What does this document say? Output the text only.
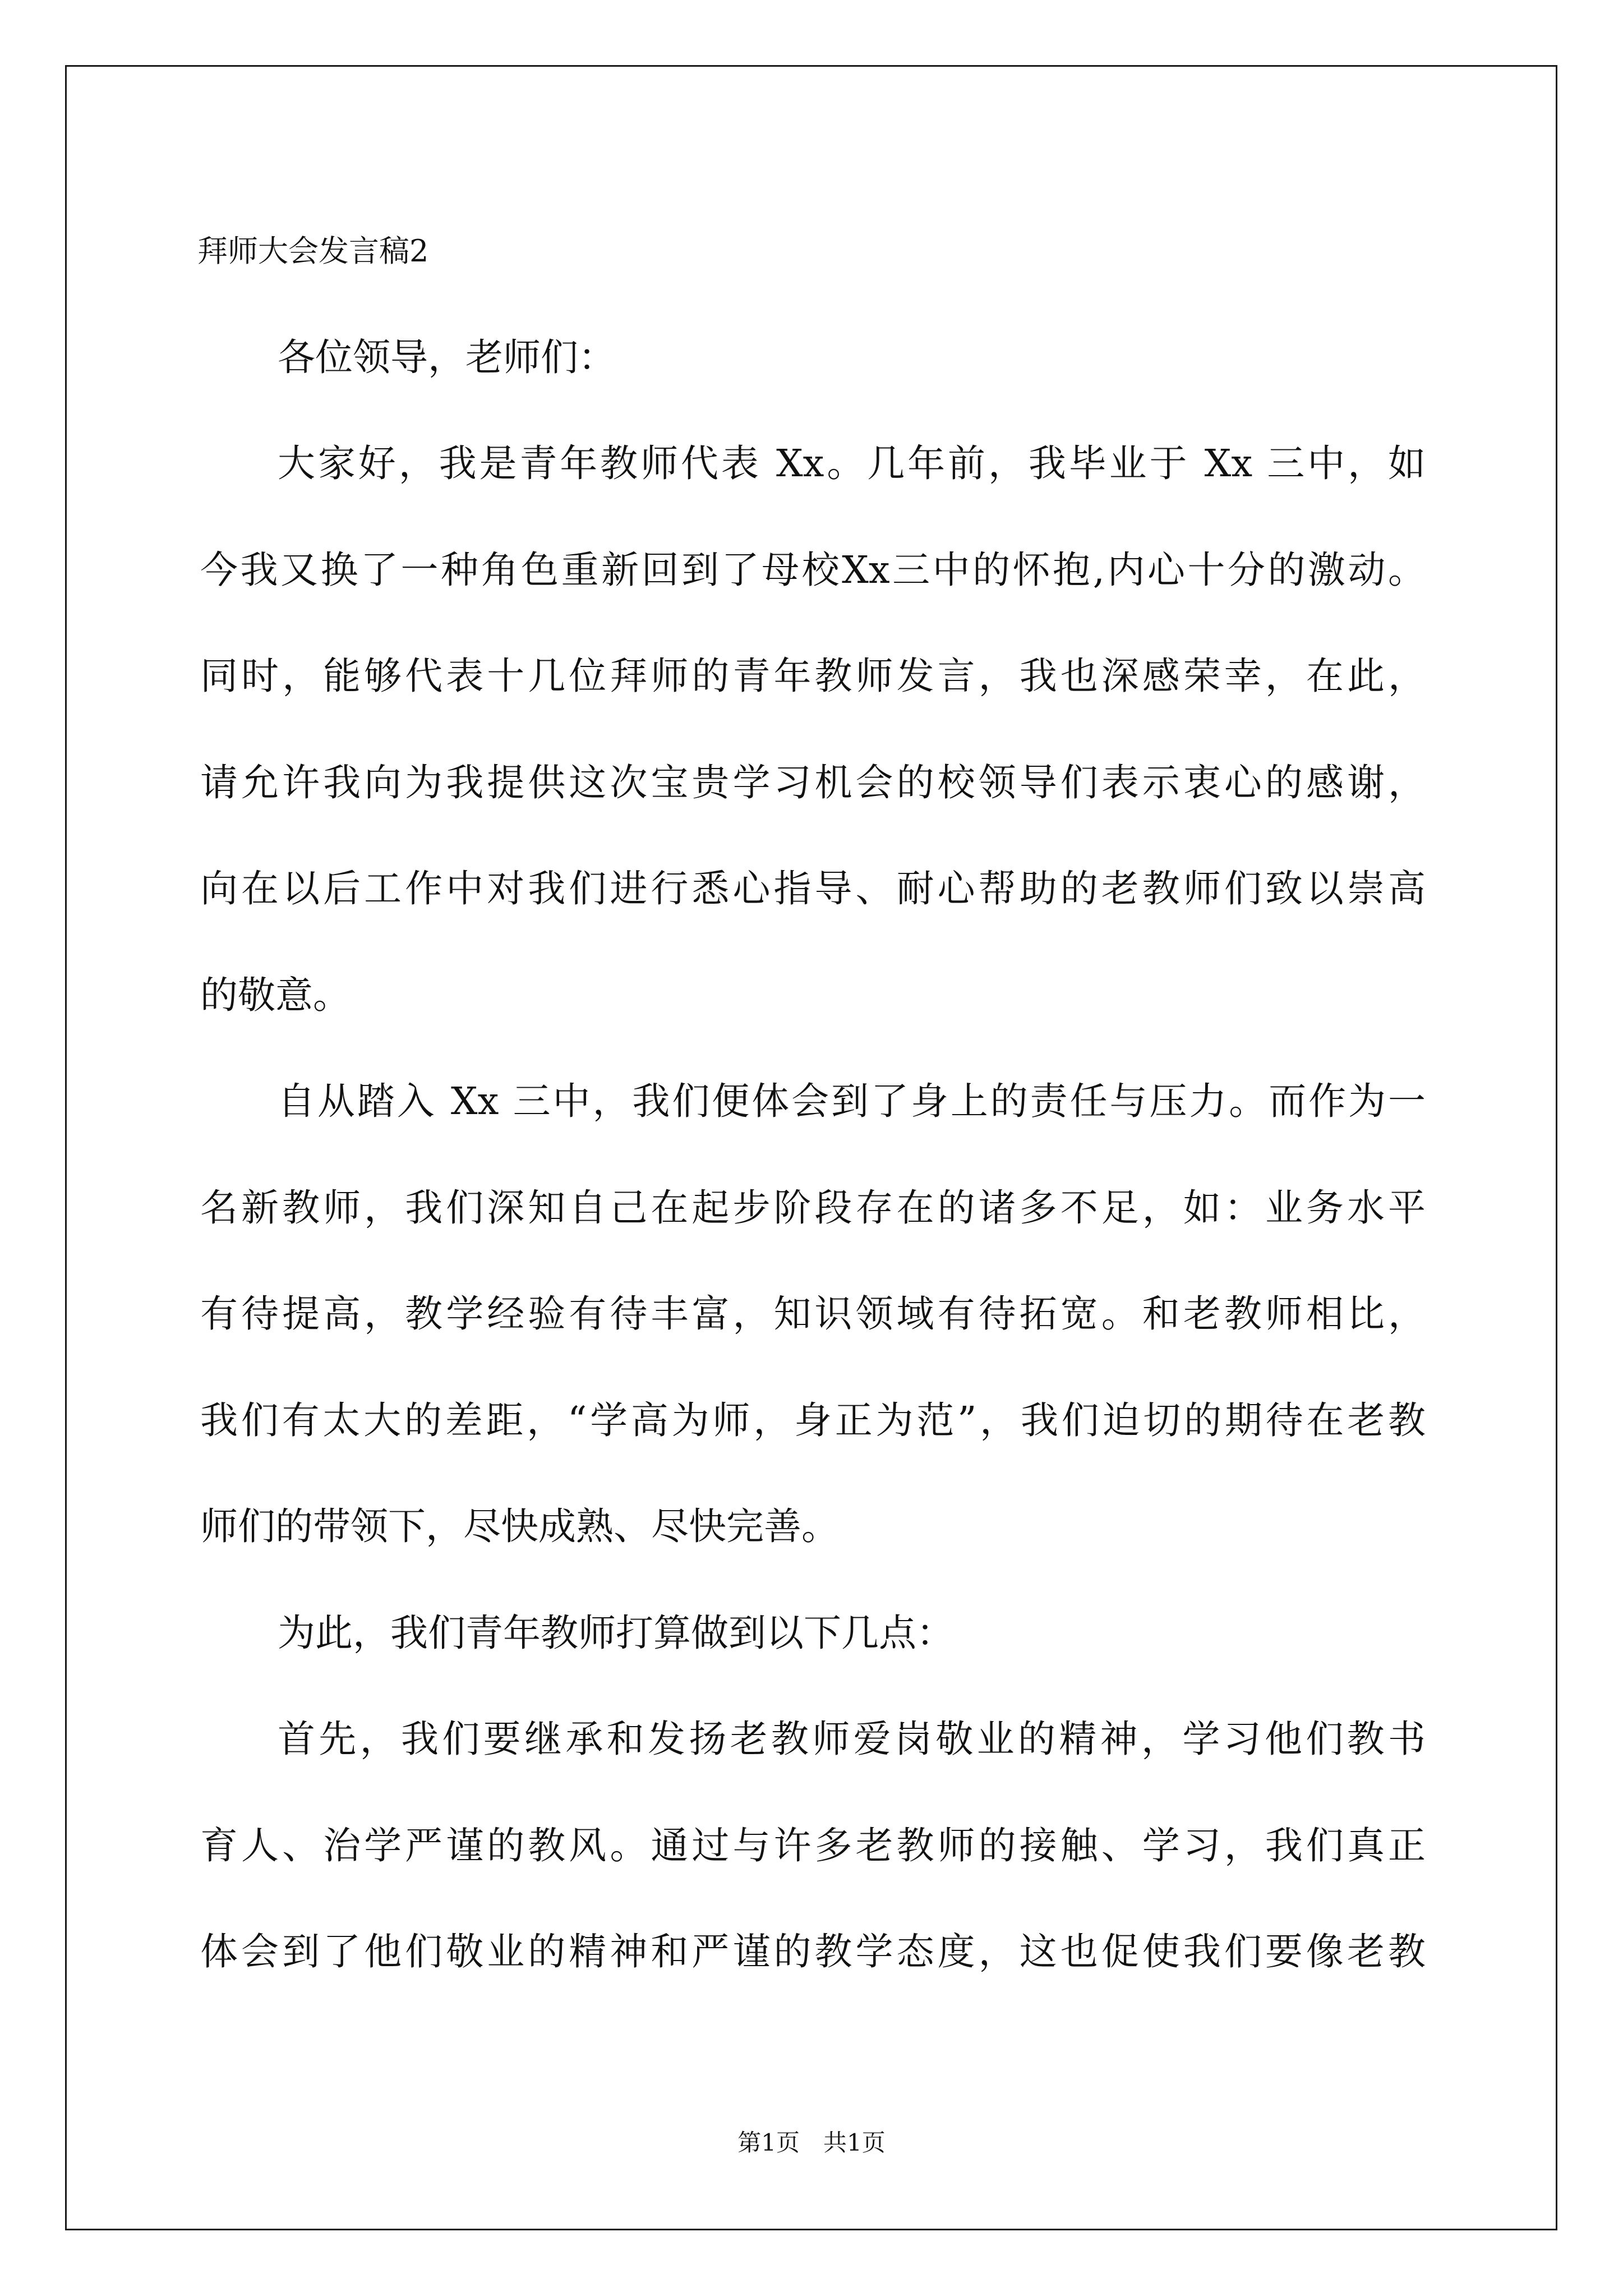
拜师大会发言稿2
各位领导，老师们：
大家好，我是青年教师代表 Xx。几年前，我毕业于 Xx 三中，如
今我又换了一种角色重新回到了母校Xx三中的怀抱,内心十分的激动。
同时，能够代表十几位拜师的青年教师发言，我也深感荣幸，在此，
请允许我向为我提供这次宝贵学习机会的校领导们表示衷心的感谢，
向在以后工作中对我们进行悉心指导、耐心帮助的老教师们致以崇高
的敬意。
自从踏入 Xx 三中，我们便体会到了身上的责任与压力。而作为一
名新教师，我们深知自己在起步阶段存在的诸多不足，如：业务水平
有待提高，教学经验有待丰富，知识领域有待拓宽。和老教师相比，
我们有太大的差距，“学高为师，身正为范”，我们迫切的期待在老教
师们的带领下，尽快成熟、尽快完善。
为此，我们青年教师打算做到以下几点：
首先，我们要继承和发扬老教师爱岗敬业的精神，学习他们教书
育人、治学严谨的教风。通过与许多老教师的接触、学习，我们真正
体会到了他们敬业的精神和严谨的教学态度，这也促使我们要像老教
第1页　共1页
